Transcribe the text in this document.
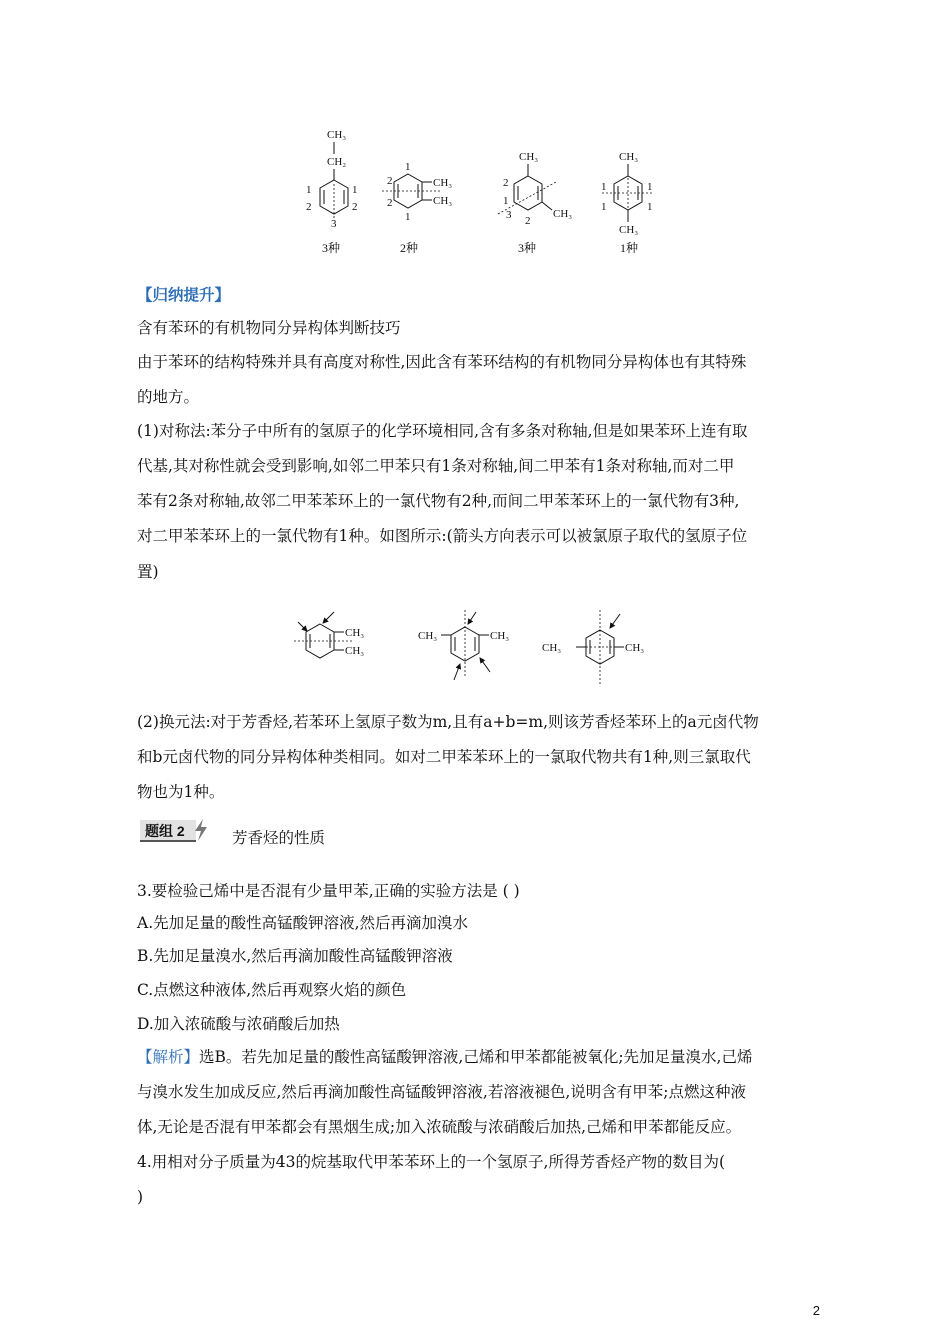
CH₃
CH₂
1	1
2	2
3
3种
CH₃
CH₃
1
2
2
1
2种
CH₃
CH₃
2
1
3 2
3种
CH₃
CH₃
1	1
1	1
1种
【归纳提升】
含有苯环的有机物同分异构体判断技巧
由于苯环的结构特殊并具有高度对称性,因此含有苯环结构的有机物同分异构体也有其特殊
的地方。
(1)对称法:苯分子中所有的氢原子的化学环境相同,含有多条对称轴,但是如果苯环上连有取
代基,其对称性就会受到影响,如邻二甲苯只有1条对称轴,间二甲苯有1条对称轴,而对二甲
苯有2条对称轴,故邻二甲苯苯环上的一氯代物有2种,而间二甲苯苯环上的一氯代物有3种,
对二甲苯苯环上的一氯代物有1种。如图所示:(箭头方向表示可以被氯原子取代的氢原子位
置)
CH₃
CH₃
CH₃	CH₃
CH₃	CH₃
(2)换元法:对于芳香烃,若苯环上氢原子数为m,且有a+b=m,则该芳香烃苯环上的a元卤代物
和b元卤代物的同分异构体种类相同。如对二甲苯苯环上的一氯取代物共有1种,则三氯取代
物也为1种。
题组 2	芳香烃的性质
3.要检验己烯中是否混有少量甲苯,正确的实验方法是 ( )
A.先加足量的酸性高锰酸钾溶液,然后再滴加溴水
B.先加足量溴水,然后再滴加酸性高锰酸钾溶液
C.点燃这种液体,然后再观察火焰的颜色
D.加入浓硫酸与浓硝酸后加热
【解析】选B。若先加足量的酸性高锰酸钾溶液,己烯和甲苯都能被氧化;先加足量溴水,己烯
与溴水发生加成反应,然后再滴加酸性高锰酸钾溶液,若溶液褪色,说明含有甲苯;点燃这种液
体,无论是否混有甲苯都会有黑烟生成;加入浓硫酸与浓硝酸后加热,己烯和甲苯都能反应。
4.用相对分子质量为43的烷基取代甲苯苯环上的一个氢原子,所得芳香烃产物的数目为(
)
2
